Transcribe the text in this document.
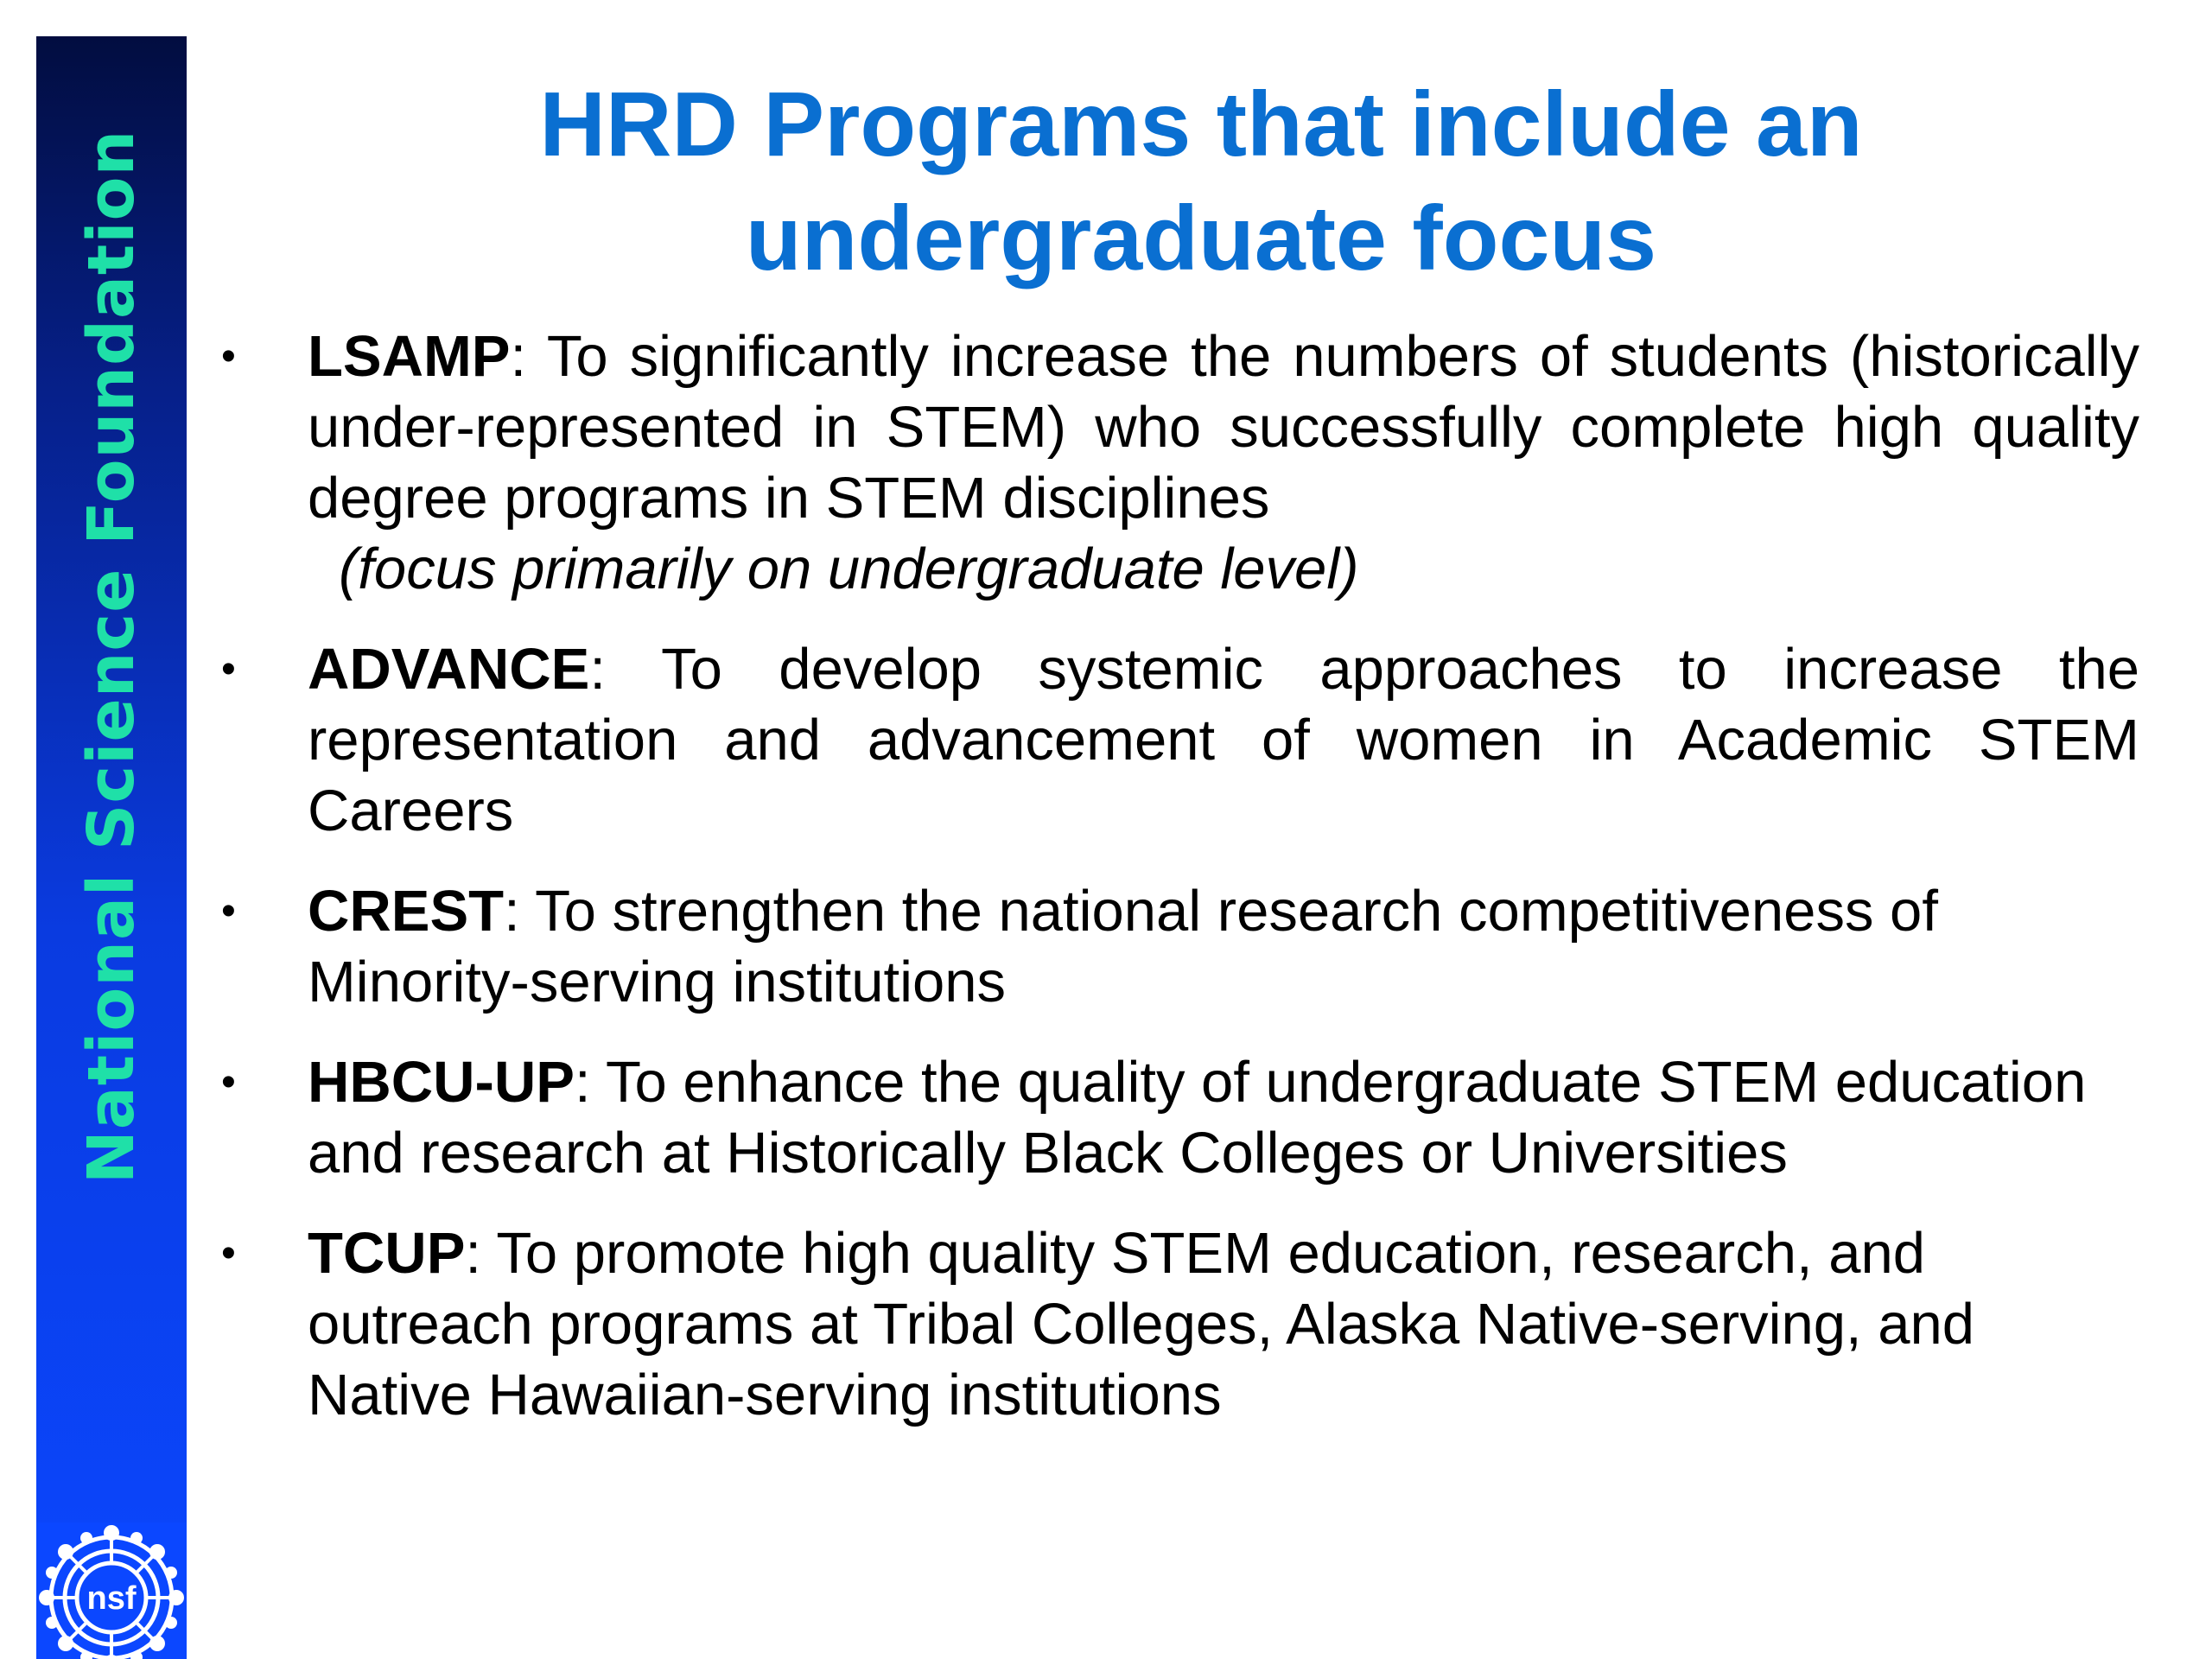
National Science Foundation
nsf
HRD Programs that include an
undergraduate focus
•	LSAMP: To significantly increase the numbers of students (historically under-represented in STEM) who successfully complete high quality degree programs in STEM disciplines
(focus primarily on undergraduate level)
•	ADVANCE: To develop systemic approaches to increase the representation and advancement of women in Academic STEM Careers
•	CREST: To strengthen the national research competitiveness of Minority-serving institutions
•	HBCU-UP: To enhance the quality of undergraduate STEM education and research at Historically Black Colleges or Universities
•	TCUP: To promote high quality STEM education, research, and outreach programs at Tribal Colleges, Alaska Native-serving, and Native Hawaiian-serving institutions
